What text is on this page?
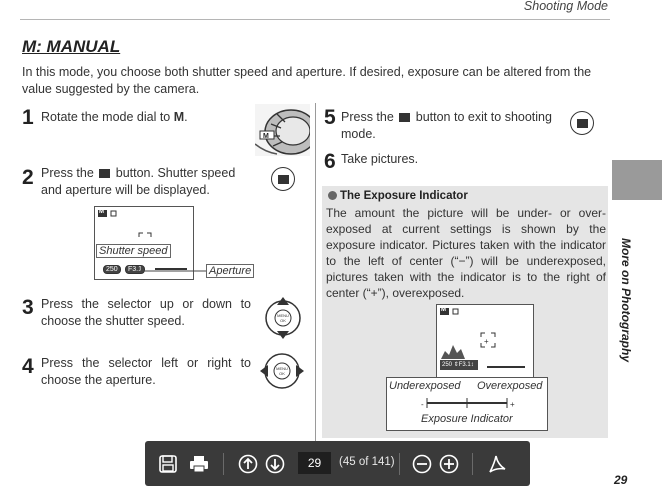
Shooting Mode
More on Photography
M: MANUAL
In this mode, you choose both shutter speed and aperture. If desired, exposure can be altered from the value suggested by the camera.
1 Rotate the mode dial to M.
M
2 Press the  button. Shutter speed and aperture will be displayed.
M
250	F3.1
Shutter speed
Aperture
3 Press the selector up or down to choose the shutter speed.	MENU
OK
4 Press the selector left or right to choose the aperture.
MENU
OK
5 Press the  button to exit to shooting mode.
6 Take pictures.
The Exposure Indicator
The amount the picture will be under- or over-exposed at current settings is shown by the exposure indicator. Pictures taken with the indicator to the left of center (“−”) will be underexposed, pictures taken with the indicator is to the right of center (“+”), overexposed.
+
M
250 ⇕F3.1↕
Underexposed Overexposed
-	+
Exposure Indicator
29	(45 of 141)
29
